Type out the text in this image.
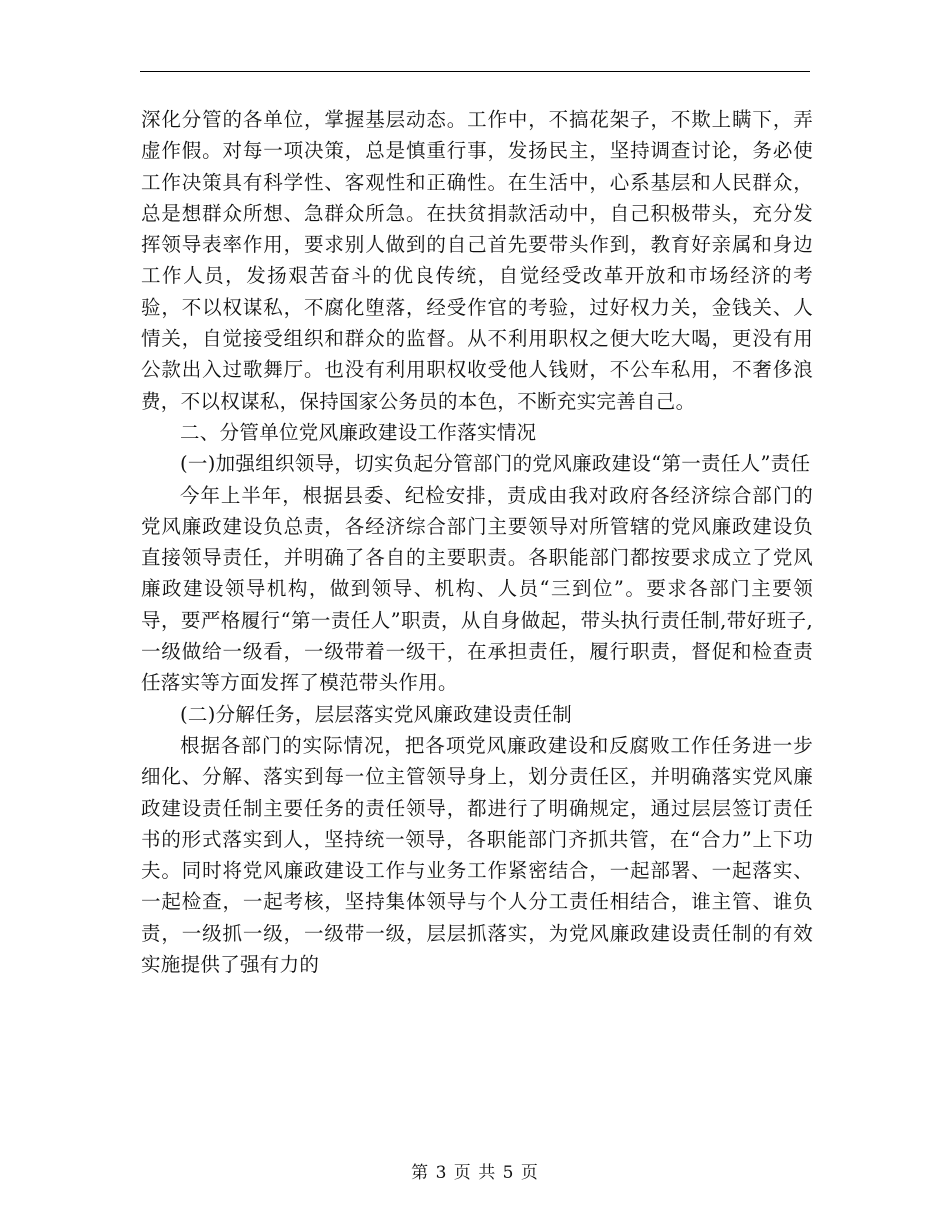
深化分管的各单位，掌握基层动态。工作中，不搞花架子，不欺上瞒下，弄虚作假。对每一项决策，总是慎重行事，发扬民主，坚持调查讨论，务必使工作决策具有科学性、客观性和正确性。在生活中，心系基层和人民群众，总是想群众所想、急群众所急。在扶贫捐款活动中，自己积极带头，充分发挥领导表率作用，要求别人做到的自己首先要带头作到，教育好亲属和身边工作人员，发扬艰苦奋斗的优良传统，自觉经受改革开放和市场经济的考验，不以权谋私，不腐化堕落，经受作官的考验，过好权力关，金钱关、人情关，自觉接受组织和群众的监督。从不利用职权之便大吃大喝，更没有用公款出入过歌舞厅。也没有利用职权收受他人钱财，不公车私用，不奢侈浪费，不以权谋私，保持国家公务员的本色，不断充实完善自己。

二、分管单位党风廉政建设工作落实情况

(一)加强组织领导，切实负起分管部门的党风廉政建设“第一责任人”责任

今年上半年，根据县委、纪检安排，责成由我对政府各经济综合部门的党风廉政建设负总责，各经济综合部门主要领导对所管辖的党风廉政建设负直接领导责任，并明确了各自的主要职责。各职能部门都按要求成立了党风廉政建设领导机构，做到领导、机构、人员“三到位”。要求各部门主要领导，要严格履行“第一责任人”职责，从自身做起，带头执行责任制,带好班子,一级做给一级看，一级带着一级干，在承担责任，履行职责，督促和检查责任落实等方面发挥了模范带头作用。

(二)分解任务，层层落实党风廉政建设责任制

根据各部门的实际情况，把各项党风廉政建设和反腐败工作任务进一步细化、分解、落实到每一位主管领导身上，划分责任区，并明确落实党风廉政建设责任制主要任务的责任领导，都进行了明确规定，通过层层签订责任书的形式落实到人，坚持统一领导，各职能部门齐抓共管，在“合力”上下功夫。同时将党风廉政建设工作与业务工作紧密结合，一起部署、一起落实、一起检查，一起考核，坚持集体领导与个人分工责任相结合，谁主管、谁负责，一级抓一级，一级带一级，层层抓落实，为党风廉政建设责任制的有效实施提供了强有力的

第 3 页 共 5 页
